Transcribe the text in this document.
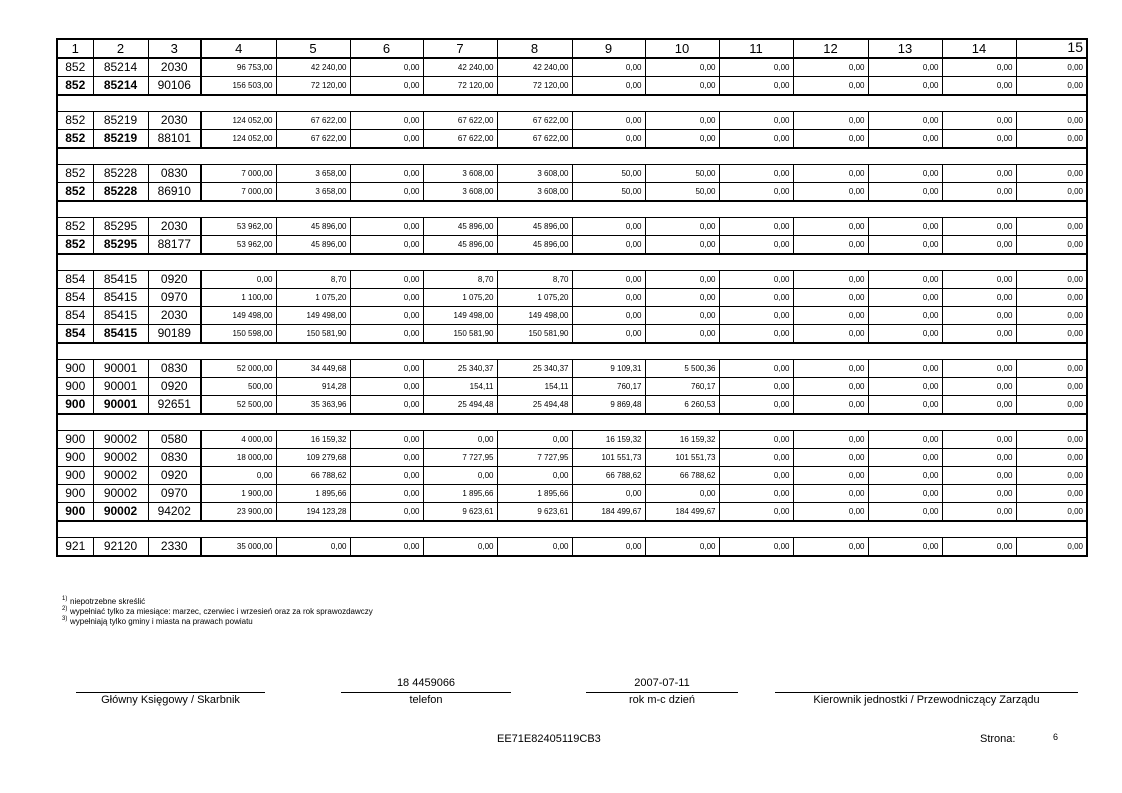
1	2	3	4	5	6	7	8	9	10	11	12	13	14	15
852	85214	2030	96 753,00	42 240,00	0,00	42 240,00	42 240,00	0,00	0,00	0,00	0,00	0,00	0,00	0,00
852	85214	90106	156 503,00	72 120,00	0,00	72 120,00	72 120,00	0,00	0,00	0,00	0,00	0,00	0,00	0,00

852	85219	2030	124 052,00	67 622,00	0,00	67 622,00	67 622,00	0,00	0,00	0,00	0,00	0,00	0,00	0,00
852	85219	88101	124 052,00	67 622,00	0,00	67 622,00	67 622,00	0,00	0,00	0,00	0,00	0,00	0,00	0,00

852	85228	0830	7 000,00	3 658,00	0,00	3 608,00	3 608,00	50,00	50,00	0,00	0,00	0,00	0,00	0,00
852	85228	86910	7 000,00	3 658,00	0,00	3 608,00	3 608,00	50,00	50,00	0,00	0,00	0,00	0,00	0,00

852	85295	2030	53 962,00	45 896,00	0,00	45 896,00	45 896,00	0,00	0,00	0,00	0,00	0,00	0,00	0,00
852	85295	88177	53 962,00	45 896,00	0,00	45 896,00	45 896,00	0,00	0,00	0,00	0,00	0,00	0,00	0,00

854	85415	0920	0,00	8,70	0,00	8,70	8,70	0,00	0,00	0,00	0,00	0,00	0,00	0,00
854	85415	0970	1 100,00	1 075,20	0,00	1 075,20	1 075,20	0,00	0,00	0,00	0,00	0,00	0,00	0,00
854	85415	2030	149 498,00	149 498,00	0,00	149 498,00	149 498,00	0,00	0,00	0,00	0,00	0,00	0,00	0,00
854	85415	90189	150 598,00	150 581,90	0,00	150 581,90	150 581,90	0,00	0,00	0,00	0,00	0,00	0,00	0,00

900	90001	0830	52 000,00	34 449,68	0,00	25 340,37	25 340,37	9 109,31	5 500,36	0,00	0,00	0,00	0,00	0,00
900	90001	0920	500,00	914,28	0,00	154,11	154,11	760,17	760,17	0,00	0,00	0,00	0,00	0,00
900	90001	92651	52 500,00	35 363,96	0,00	25 494,48	25 494,48	9 869,48	6 260,53	0,00	0,00	0,00	0,00	0,00

900	90002	0580	4 000,00	16 159,32	0,00	0,00	0,00	16 159,32	16 159,32	0,00	0,00	0,00	0,00	0,00
900	90002	0830	18 000,00	109 279,68	0,00	7 727,95	7 727,95	101 551,73	101 551,73	0,00	0,00	0,00	0,00	0,00
900	90002	0920	0,00	66 788,62	0,00	0,00	0,00	66 788,62	66 788,62	0,00	0,00	0,00	0,00	0,00
900	90002	0970	1 900,00	1 895,66	0,00	1 895,66	1 895,66	0,00	0,00	0,00	0,00	0,00	0,00	0,00
900	90002	94202	23 900,00	194 123,28	0,00	9 623,61	9 623,61	184 499,67	184 499,67	0,00	0,00	0,00	0,00	0,00

921	92120	2330	35 000,00	0,00	0,00	0,00	0,00	0,00	0,00	0,00	0,00	0,00	0,00	0,00
1) niepotrzebne skreślić
2) wypełniać tylko za miesiące: marzec, czerwiec i wrzesień oraz za rok sprawozdawczy
3) wypełniają tylko gminy i miasta na prawach powiatu
Główny Księgowy / Skarbnik
18 4459066
telefon
2007-07-11
rok m-c dzień	Kierownik jednostki / Przewodniczący Zarządu
EE71E82405119CB3	Strona:	6
